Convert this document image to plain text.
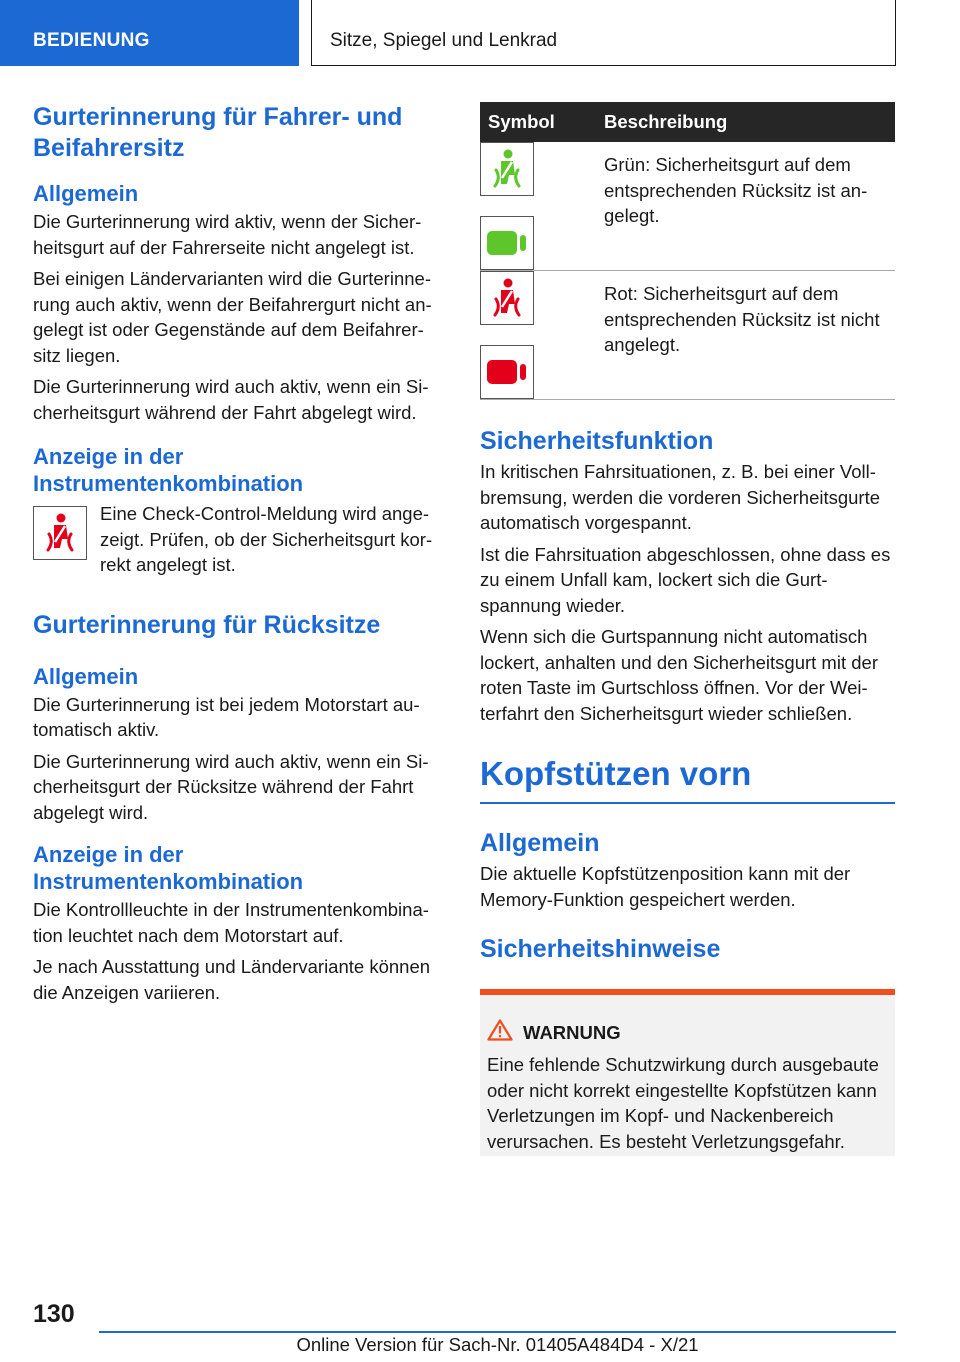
BEDIENUNG	Sitze, Spiegel und Lenkrad
Gurterinnerung für Fahrer- und Beifahrersitz
Allgemein

Die Gurterinnerung wird aktiv, wenn der Sicherheitsgurt auf der Fahrerseite nicht angelegt ist.

Bei einigen Ländervarianten wird die Gurterinnerung auch aktiv, wenn der Beifahrergurt nicht angelegt ist oder Gegenstände auf dem Beifahrersitz liegen.

Die Gurterinnerung wird auch aktiv, wenn ein Sicherheitsgurt während der Fahrt abgelegt wird.

Anzeige in der Instrumentenkombination

Eine Check-Control-Meldung wird angezeigt. Prüfen, ob der Sicherheitsgurt korrekt angelegt ist.

Gurterinnerung für Rücksitze
Allgemein

Die Gurterinnerung ist bei jedem Motorstart automatisch aktiv.

Die Gurterinnerung wird auch aktiv, wenn ein Sicherheitsgurt der Rücksitze während der Fahrt abgelegt wird.

Anzeige in der Instrumentenkombination

Die Kontrollleuchte in der Instrumentenkombination leuchtet nach dem Motorstart auf.

Je nach Ausstattung und Ländervariante können die Anzeigen variieren.

Symbol	Beschreibung

Grün: Sicherheitsgurt auf dem entsprechenden Rücksitz ist angelegt.

Rot: Sicherheitsgurt auf dem entsprechenden Rücksitz ist nicht angelegt.

Sicherheitsfunktion

In kritischen Fahrsituationen, z. B. bei einer Vollbremsung, werden die vorderen Sicherheitsgurte automatisch vorgespannt.

Ist die Fahrsituation abgeschlossen, ohne dass es zu einem Unfall kam, lockert sich die Gurtspannung wieder.

Wenn sich die Gurtspannung nicht automatisch lockert, anhalten und den Sicherheitsgurt mit der roten Taste im Gurtschloss öffnen. Vor der Weiterfahrt den Sicherheitsgurt wieder schließen.

Kopfstützen vorn
Allgemein

Die aktuelle Kopfstützenposition kann mit der Memory-Funktion gespeichert werden.

Sicherheitshinweise
WARNUNG

Eine fehlende Schutzwirkung durch ausgebaute oder nicht korrekt eingestellte Kopfstützen kann Verletzungen im Kopf- und Nackenbereich verursachen. Es besteht Verletzungsgefahr.

130
Online Version für Sach-Nr. 01405A484D4 - X/21
